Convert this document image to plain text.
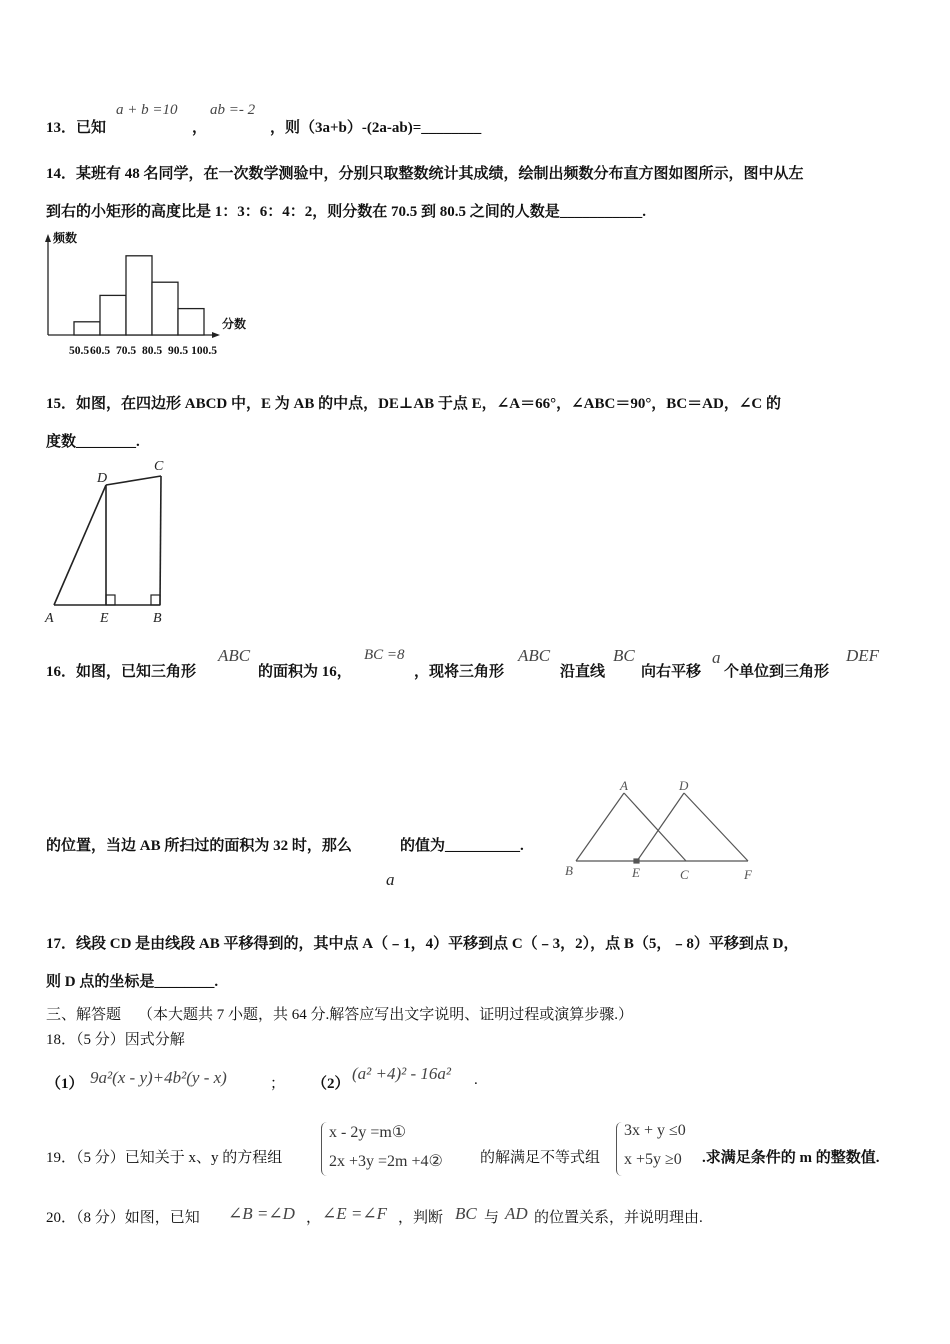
13．已知
a + b =10
，
ab =- 2
，则（3a+b）-(2a-ab)=________
14．某班有 48 名同学，在一次数学测验中，分别只取整数统计其成绩，绘制出频数分布直方图如图所示，图中从左
到右的小矩形的高度比是 1：3：6：4：2，则分数在 70.5 到 80.5 之间的人数是___________.
50.5 60.5 70.5 80.5 90.5 100.5
频数
分数
15．如图，在四边形 ABCD 中，E 为 AB 的中点，DE⊥AB 于点 E，∠A＝66°，∠ABC＝90°，BC＝AD，∠C 的
度数________.
A	E	B
D
C
16．如图，已知三角形
ABC
的面积为 16，
BC =8
，现将三角形
ABC
沿直线
BC
向右平移
a
个单位到三角形
DEF
的位置，当边 AB 所扫过的面积为 32 时，那么	的值为__________.
a
A	D
B	E	C	F
17．线段 CD 是由线段 AB 平移得到的，其中点 A（﹣1，4）平移到点 C（﹣3，2），点 B（5，﹣8）平移到点 D，
则 D 点的坐标是________.
三、解答题 （本大题共 7 小题，共 64 分.解答应写出文字说明、证明过程或演算步骤.）
18．（5 分）因式分解
（1） 9a²(x - y)+4b²(y - x)	； （2）
(a² +4)² - 16a² .
19．（5 分）已知关于 x、y 的方程组
x - 2y =m①
2x +3y =2m +4② 的解满足不等式组
3x + y ≤0
x +5y ≥0 .求满足条件的 m 的整数值.
20．（8 分）如图，已知 ∠B =∠D ， ∠E =∠F ，判断 BC 与 AD 的位置关系，并说明理由.
